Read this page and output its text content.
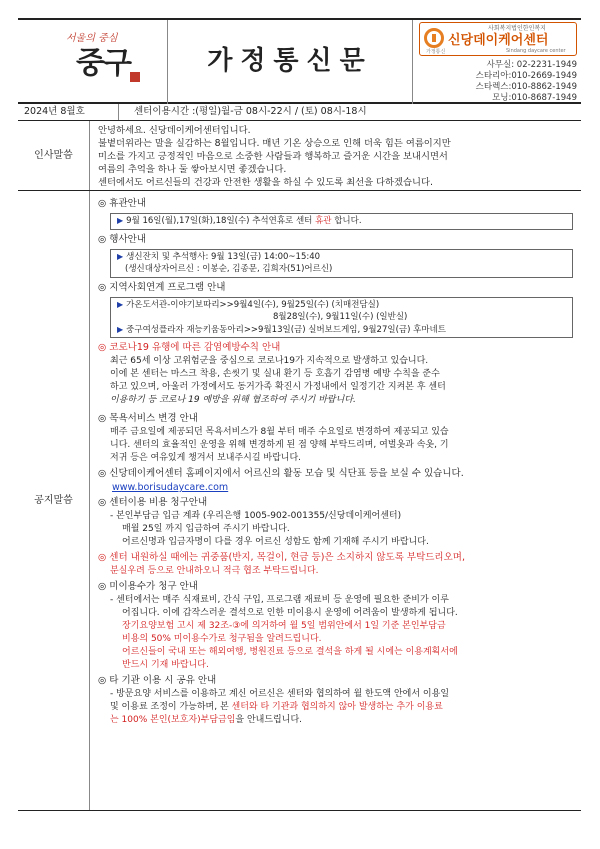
서울의 중심
중구	가정통신문
사회복지법인한인복지
신당데이케어센터
가정통신	Sindang daycare center
사무실: 02-2231-1949
스타리아:010-2669-1949
스타렉스:010-8862-1949
모닝:010-8687-1949
2024년 8월호	센터이용시간 :(평일)월-금 08시-22시 / (토) 08시-18시
인사말씀
안녕하세요. 신당데이케어센터입니다.
불볕더위라는 말을 실감하는 8월입니다. 매년 기온 상승으로 인해 더욱 힘든 여름이지만
미소를 가지고 긍정적인 마음으로 소중한 사람들과 행복하고 즐거운 시간을 보내시면서
여름의 추억을 하나 둘 쌓아보시면 좋겠습니다.
센터에서도 어르신들의 건강과 안전한 생활을 하실 수 있도록 최선을 다하겠습니다.
공지말씀
◎ 휴관안내
▶ 9월 16일(월),17일(화),18일(수) 추석연휴로 센터 휴관 합니다.
◎ 행사안내
▶ 생신잔치 및 추석행사: 9월 13일(금) 14:00~15:40
(생신대상자어르신 : 이봉순, 김종문, 김희자(51)어르신)
◎ 지역사회연계 프로그램 안내
▶ 가온도서관-이야기보따리>>9월4일(수), 9월25일(수) (치매전담실)
8월28일(수), 9월11일(수) (일반실)
▶ 중구여성플라자 재능키움동아리>>9월13일(금) 실버보드게임, 9월27일(금) 후마네트
◎ 코로나19 유행에 따른 감염예방수칙 안내
최근 65세 이상 고위험군을 중심으로 코로나19가 지속적으로 발생하고 있습니다.
이에 본 센터는 마스크 착용, 손씻기 및 실내 환기 등 호흡기 감염병 예방 수칙을 준수
하고 있으며, 아울러 가정에서도 동거가족 확진시 가정내에서 일정기간 지켜본 후 센터
이용하기 등 코로나 19 예방을 위해 협조하여 주시기 바랍니다.
◎ 목욕서비스 변경 안내
매주 금요일에 제공되던 목욕서비스가 8월 부터 매주 수요일로 변경하여 제공되고 있습
니다. 센터의 효율적인 운영을 위해 변경하게 된 점 양해 부탁드리며, 여벌옷과 속옷, 기
저귀 등은 여유있게 챙겨서 보내주시길 바랍니다.
◎ 신당데이케어센터 홈페이지에서 어르신의 활동 모습 및 식단표 등을 보실 수 있습니다.
www.borisudaycare.com
◎ 센터이용 비용 청구안내
- 본인부담금 입금 계좌 (우리은행 1005-902-001355/신당데이케어센터)
매월 25일 까지 입금하여 주시기 바랍니다.
어르신명과 입금자명이 다를 경우 어르신 성함도 함께 기재해 주시기 바랍니다.
◎ 센터 내원하실 때에는 귀중품(반지, 목걸이, 현금 등)은 소지하지 않도록 부탁드리오며,
분실우려 등으로 안내하오니 적극 협조 부탁드립니다.
◎ 미이용수가 청구 안내
- 센터에서는 매주 식재료비, 간식 구입, 프로그램 재료비 등 운영에 필요한 준비가 이루
어집니다. 이에 갑작스러운 결석으로 인한 미이용시 운영에 어려움이 발생하게 됩니다.
장기요양보험 고시 제 32조-③에 의거하여 월 5일 범위안에서 1일 기준 본인부담금
비용의 50% 미이용수가로 청구됨을 알려드립니다.
어르신들이 국내 또는 해외여행, 병원진료 등으로 결석을 하게 될 시에는 이용계획서에
반드시 기재 바랍니다.
◎ 타 기관 이용 시 공유 안내
- 방문요양 서비스를 이용하고 계신 어르신은 센터와 협의하여 월 한도액 안에서 이용일
및 이용료 조정이 가능하며, 본 센터와 타 기관과 협의하지 않아 발생하는 추가 이용료
는 100% 본인(보호자)부담금임을 안내드립니다.
